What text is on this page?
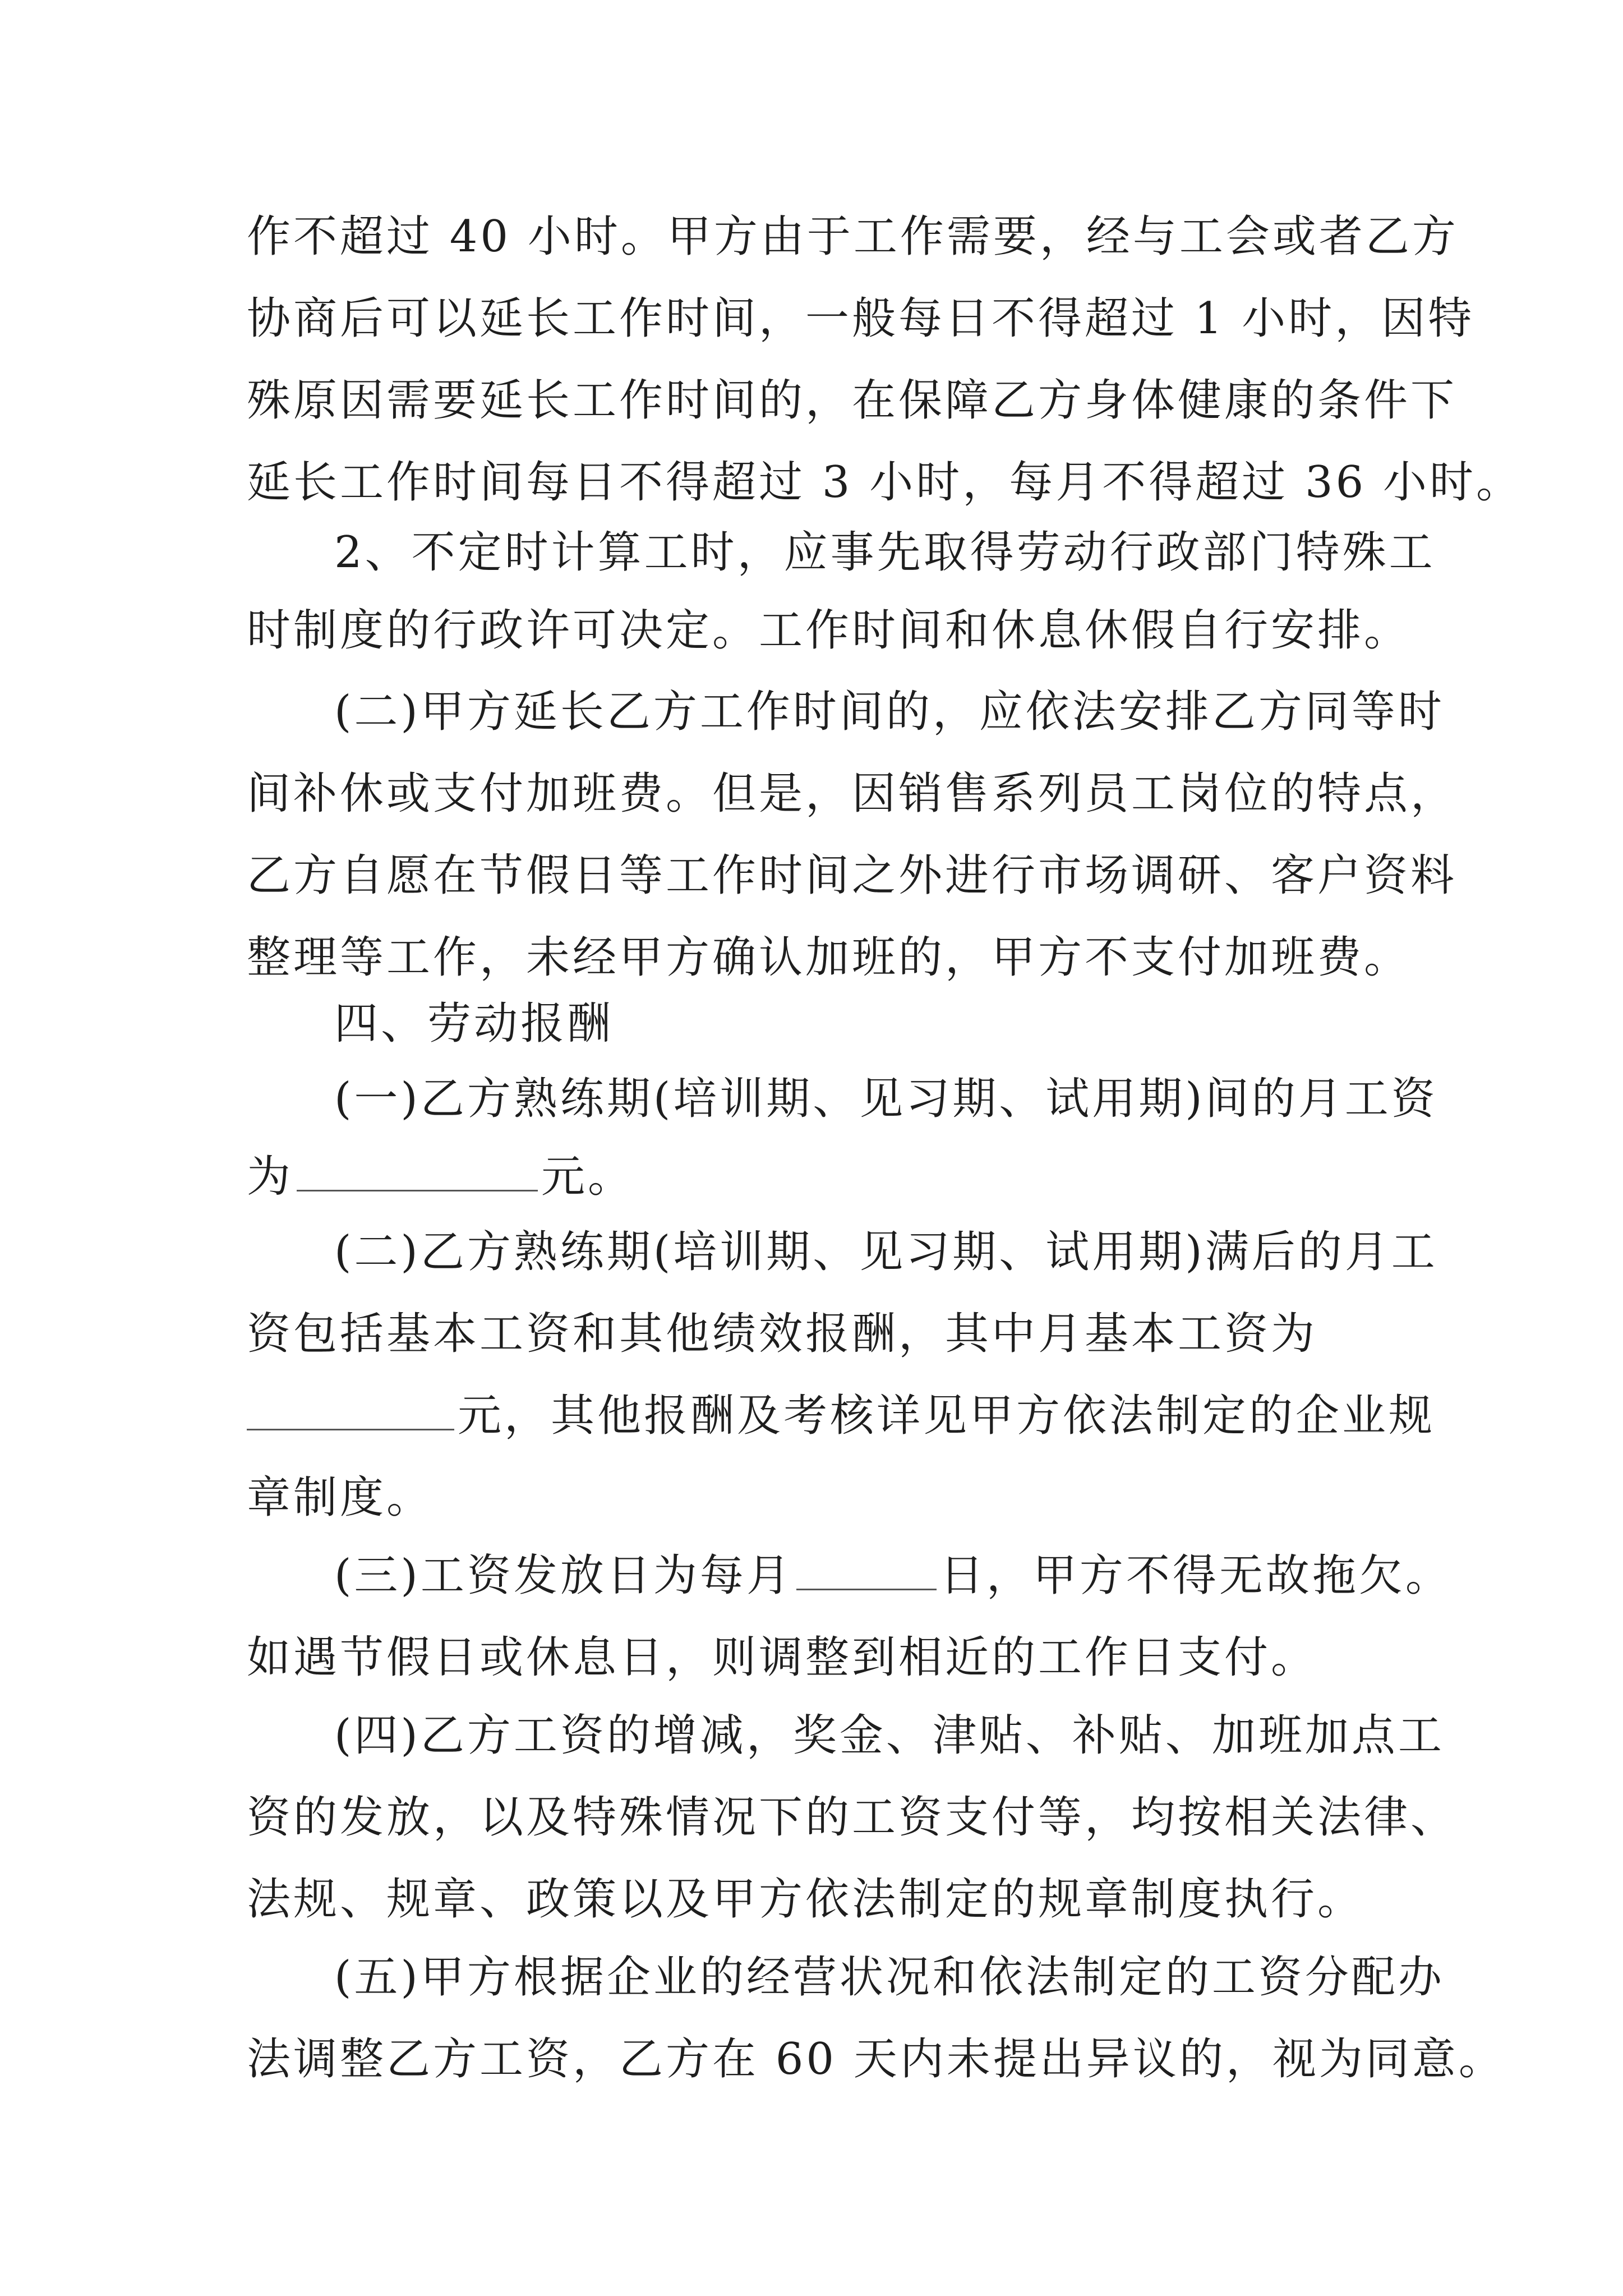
作不超过 40 小时。甲方由于工作需要，经与工会或者乙方
协商后可以延长工作时间，一般每日不得超过 1 小时，因特
殊原因需要延长工作时间的，在保障乙方身体健康的条件下
延长工作时间每日不得超过 3 小时，每月不得超过 36 小时。
2、不定时计算工时，应事先取得劳动行政部门特殊工
时制度的行政许可决定。工作时间和休息休假自行安排。
(二)甲方延长乙方工作时间的，应依法安排乙方同等时
间补休或支付加班费。但是，因销售系列员工岗位的特点，
乙方自愿在节假日等工作时间之外进行市场调研、客户资料
整理等工作，未经甲方确认加班的，甲方不支付加班费。
四、劳动报酬
(一)乙方熟练期(培训期、见习期、试用期)间的月工资
为	元。
(二)乙方熟练期(培训期、见习期、试用期)满后的月工
资包括基本工资和其他绩效报酬，其中月基本工资为
元，其他报酬及考核详见甲方依法制定的企业规
章制度。
(三)工资发放日为每月	日，甲方不得无故拖欠。
如遇节假日或休息日，则调整到相近的工作日支付。
(四)乙方工资的增减，奖金、津贴、补贴、加班加点工
资的发放，以及特殊情况下的工资支付等，均按相关法律、
法规、规章、政策以及甲方依法制定的规章制度执行。
(五)甲方根据企业的经营状况和依法制定的工资分配办
法调整乙方工资，乙方在 60 天内未提出异议的，视为同意。
